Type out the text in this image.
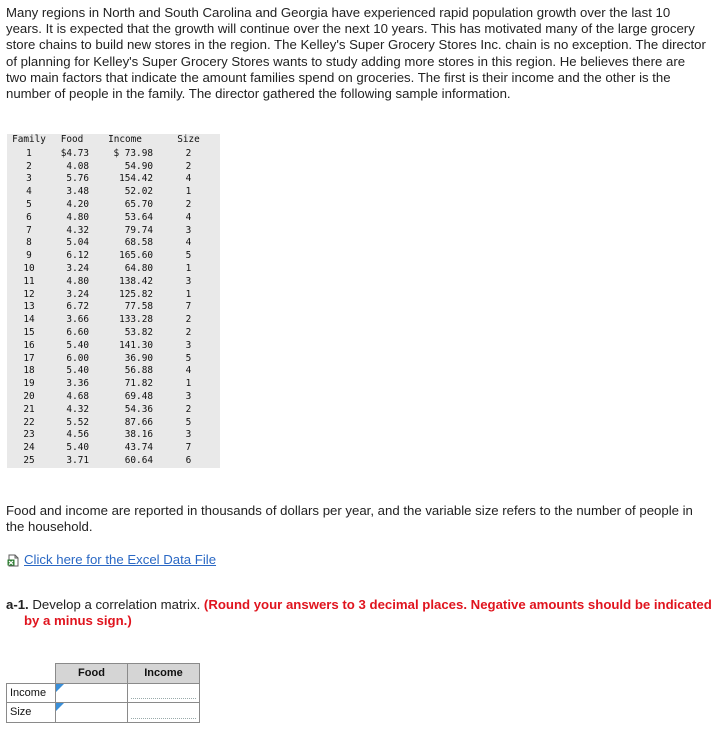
Many regions in North and South Carolina and Georgia have experienced rapid population growth over the last 10 years. It is expected that the growth will continue over the next 10 years. This has motivated many of the large grocery store chains to build new stores in the region. The Kelley's Super Grocery Stores Inc. chain is no exception. The director of planning for Kelley's Super Grocery Stores wants to study adding more stores in this region. He believes there are two main factors that indicate the amount families spend on groceries. The first is their income and the other is the number of people in the family. The director gathered the following sample information.

Family	Food	Income	Size
1	$4.73	$ 73.98	2
2	4.08	54.90	2
3	5.76	154.42	4
4	3.48	52.02	1
5	4.20	65.70	2
6	4.80	53.64	4
7	4.32	79.74	3
8	5.04	68.58	4
9	6.12	165.60	5
10	3.24	64.80	1
11	4.80	138.42	3
12	3.24	125.82	1
13	6.72	77.58	7
14	3.66	133.28	2
15	6.60	53.82	2
16	5.40	141.30	3
17	6.00	36.90	5
18	5.40	56.88	4
19	3.36	71.82	1
20	4.68	69.48	3
21	4.32	54.36	2
22	5.52	87.66	5
23	4.56	38.16	3
24	5.40	43.74	7
25	3.71	60.64	6

Food and income are reported in thousands of dollars per year, and the variable size refers to the number of people in the household.

Click here for the Excel Data File

a-1. Develop a correlation matrix. (Round your answers to 3 decimal places. Negative amounts should be indicated by a minus sign.)

	Food	Income
Income	

Size	
